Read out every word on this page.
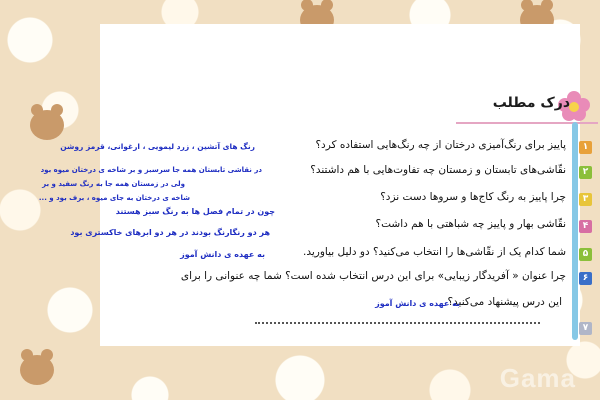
درک مطلب
۱
پاییز برای رنگ‌آمیزی درختان از چه رنگ‌هایی استفاده کرد؟
۲
نقّاشی‌های تابستان و زمستان چه تفاوت‌هایی با هم داشتند؟
۳
چرا پاییز به رنگ کاج‌ها و سروها دست نزد؟
۴
نقّاشی بهار و پاییز چه شباهتی با هم داشت؟
۵
شما کدام یک از نقّاشی‌ها را انتخاب می‌کنید؟ دو دلیل بیاورید.
۶
چرا عنوان « آفریدگار زیبایی» برای این درس انتخاب شده است؟ شما چه عنوانی را برای
این درس پیشنهاد می‌کنید؟
۷
رنگ های آتشین ، زرد لیمویی ، ارغوانی، قرمز روشن
در نقاشی تابستان همه جا سرسبز و بر شاخه ی درختان میوه بود
ولی در زمستان همه جا به رنگ سفید و بر
شاخه ی درختان به جای میوه ، برف بود و ...
چون در تمام فصل ها به رنگ سبز هستند
هر دو رنگارنگ بودند در هر دو ابرهای خاکستری بود
به عهده ی دانش آموز
به عهده ی دانش آموز
Gama
